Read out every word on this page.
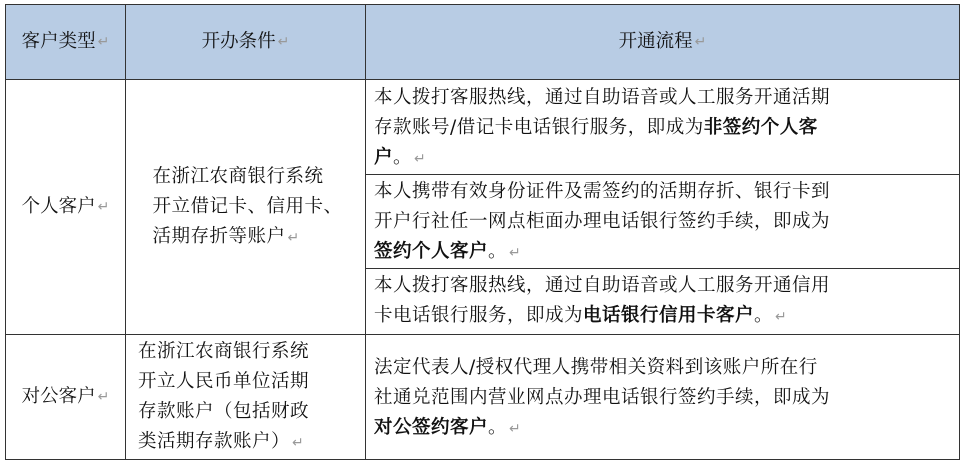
客户类型 ↵	开办条件 ↵	开通流程 ↵
个人客户 ↵
在浙江农商银行系统
开立借记卡、信用卡、
活期存折等账户 ↵
本人拨打客服热线，通过自助语音或人工服务开通活期
存款账号/借记卡电话银行服务，即成为非签约个人客
户。 ↵
本人携带有效身份证件及需签约的活期存折、银行卡到
开户行社任一网点柜面办理电话银行签约手续，即成为
签约个人客户。 ↵
本人拨打客服热线，通过自助语音或人工服务开通信用
卡电话银行服务，即成为电话银行信用卡客户。 ↵
对公客户 ↵
在浙江农商银行系统
开立人民币单位活期
存款账户（包括财政
类活期存款账户） ↵
法定代表人/授权代理人携带相关资料到该账户所在行
社通兑范围内营业网点办理电话银行签约手续，即成为
对公签约客户。 ↵
